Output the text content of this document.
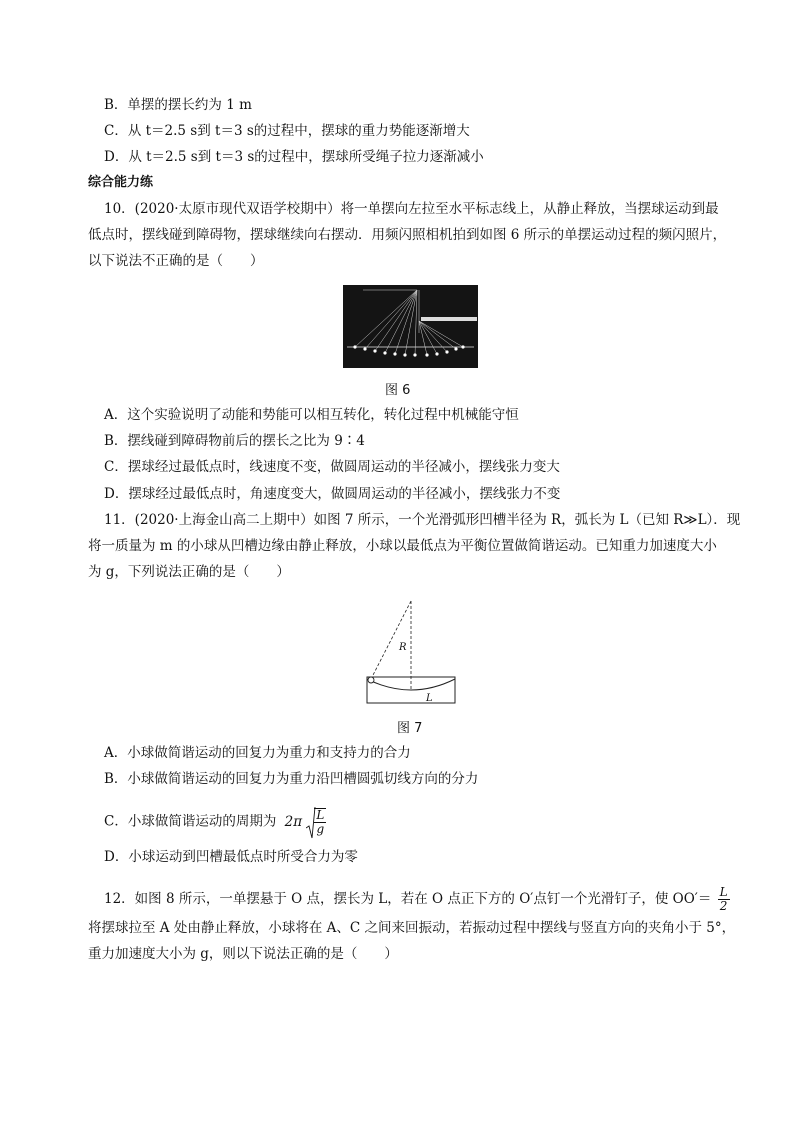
B．单摆的摆长约为 1 m
C．从 t＝2.5 s到 t＝3 s的过程中，摆球的重力势能逐渐增大
D．从 t＝2.5 s到 t＝3 s的过程中，摆球所受绳子拉力逐渐减小
综合能力练
10．(2020·太原市现代双语学校期中）将一单摆向左拉至水平标志线上，从静止释放，当摆球运动到最
低点时，摆线碰到障碍物，摆球继续向右摆动．用频闪照相机拍到如图 6 所示的单摆运动过程的频闪照片，
以下说法不正确的是（　　）
图 6
A．这个实验说明了动能和势能可以相互转化，转化过程中机械能守恒
B．摆线碰到障碍物前后的摆长之比为 9∶4
C．摆球经过最低点时，线速度不变，做圆周运动的半径减小，摆线张力变大
D．摆球经过最低点时，角速度变大，做圆周运动的半径减小，摆线张力不变
11．(2020·上海金山高二上期中）如图 7 所示，一个光滑弧形凹槽半径为 R，弧长为 L（已知 R≫L）．现
将一质量为 m 的小球从凹槽边缘由静止释放，小球以最低点为平衡位置做简谐运动。已知重力加速度大小
为 g，下列说法正确的是（　　）
R
L
图 7
A．小球做简谐运动的回复力为重力和支持力的合力
B．小球做简谐运动的回复力为重力沿凹槽圆弧切线方向的分力
C．小球做简谐运动的周期为 $2\pi \frac{L}{g}$
D．小球运动到凹槽最低点时所受合力为零
12．如图 8 所示，一单摆悬于 O 点，摆长为 L，若在 O 点正下方的 O′点钉一个光滑钉子，使 $OO'= \frac{L}{2}$
将摆球拉至 A 处由静止释放，小球将在 A、C 之间来回振动，若振动过程中摆线与竖直方向的夹角小于 5°，
重力加速度大小为 g，则以下说法正确的是（　　）
